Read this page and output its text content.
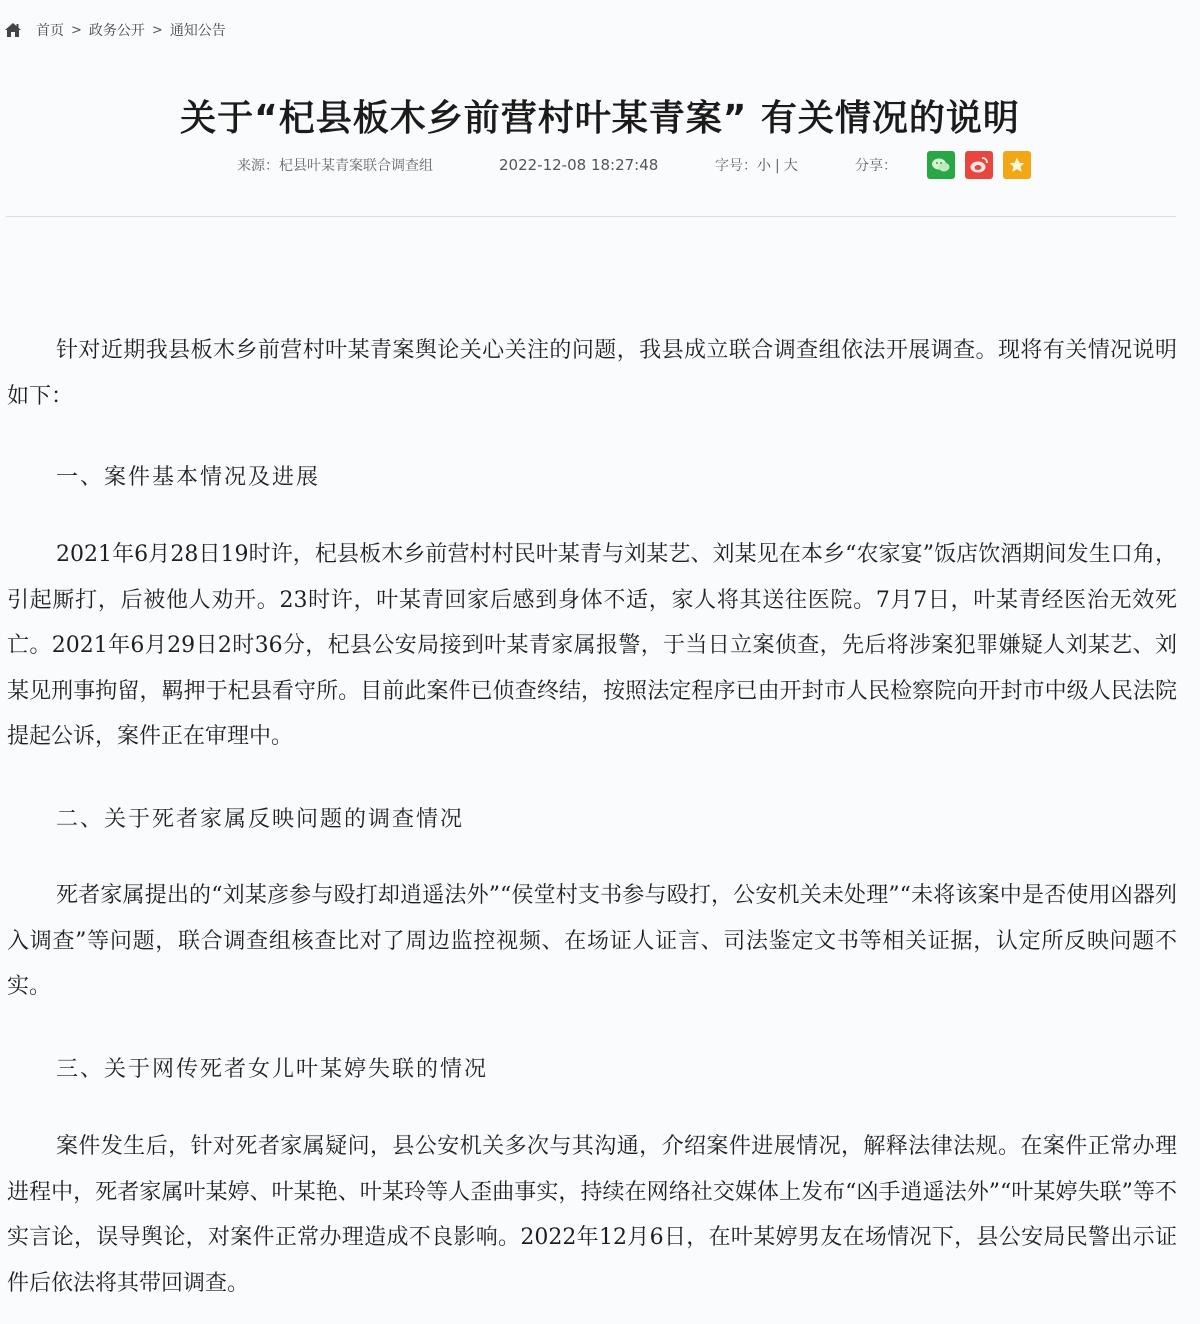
首页 > 政务公开 > 通知公告
关于“杞县板木乡前营村叶某青案” 有关情况的说明
来源：杞县叶某青案联合调查组	2022-12-08 18:27:48	字号：小 | 大	分享：

针对近期我县板木乡前营村叶某青案舆论关心关注的问题，我县成立联合调查组依法开展调查。现将有关情况说明如下：

一、案件基本情况及进展

2021年6月28日19时许，杞县板木乡前营村村民叶某青与刘某艺、刘某见在本乡“农家宴”饭店饮酒期间发生口角，引起厮打，后被他人劝开。23时许，叶某青回家后感到身体不适，家人将其送往医院。7月7日，叶某青经医治无效死亡。2021年6月29日2时36分，杞县公安局接到叶某青家属报警，于当日立案侦查，先后将涉案犯罪嫌疑人刘某艺、刘某见刑事拘留，羁押于杞县看守所。目前此案件已侦查终结，按照法定程序已由开封市人民检察院向开封市中级人民法院提起公诉，案件正在审理中。

二、关于死者家属反映问题的调查情况

死者家属提出的“刘某彦参与殴打却逍遥法外”“侯堂村支书参与殴打，公安机关未处理”“未将该案中是否使用凶器列入调查”等问题，联合调查组核查比对了周边监控视频、在场证人证言、司法鉴定文书等相关证据，认定所反映问题不实。

三、关于网传死者女儿叶某婷失联的情况

案件发生后，针对死者家属疑问，县公安机关多次与其沟通，介绍案件进展情况，解释法律法规。在案件正常办理进程中，死者家属叶某婷、叶某艳、叶某玲等人歪曲事实，持续在网络社交媒体上发布“凶手逍遥法外”“叶某婷失联”等不实言论，误导舆论，对案件正常办理造成不良影响。2022年12月6日，在叶某婷男友在场情况下，县公安局民警出示证件后依法将其带回调查。
